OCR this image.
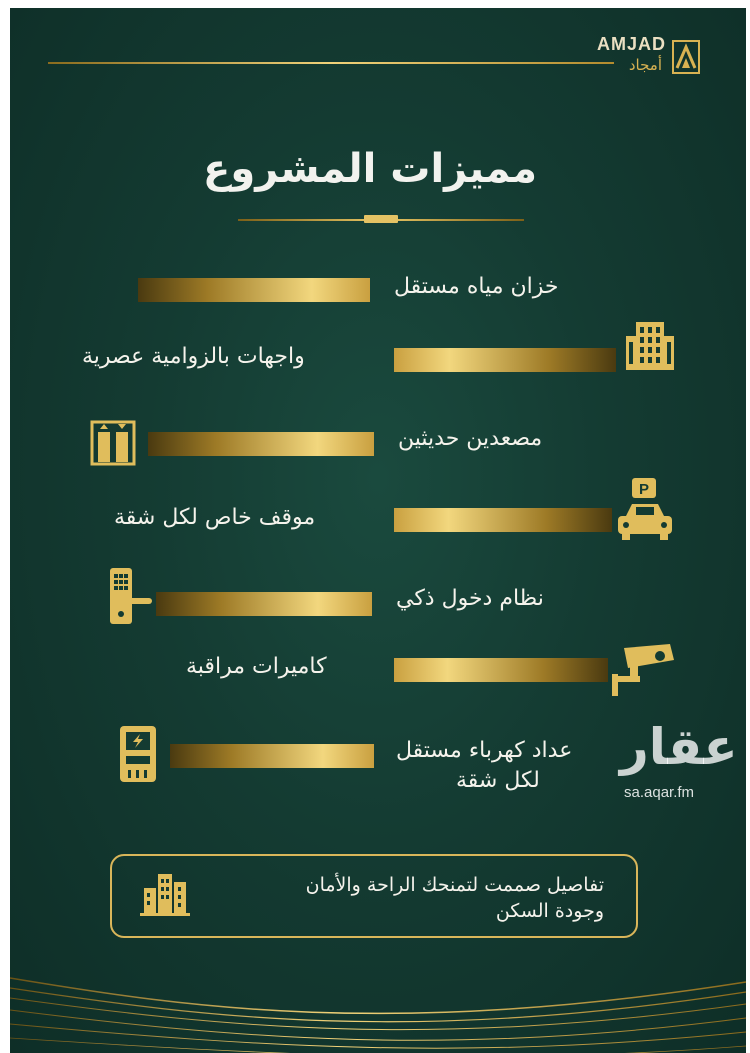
AMJAD
أمجاد
مميزات المشروع
خزان مياه مستقل
واجهات بالزوامية عصرية
مصعدين حديثين
P
موقف خاص لكل شقة
نظام دخول ذكي
كاميرات مراقبة
عداد كهرباء مستقل
لكل شقة
عقار
sa.aqar.fm
تفاصيل صممت لتمنحك الراحة والأمان
وجودة السكن
